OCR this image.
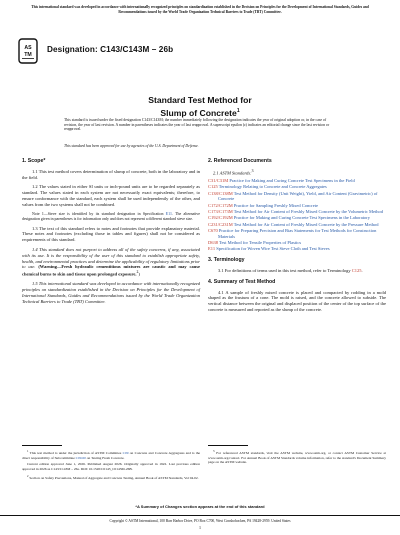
This international standard was developed in accordance with internationally recognized principles on standardization established in the Decision on Principles for the Development of International Standards, Guides and Recommendations issued by the World Trade Organization Technical Barriers to Trade (TBT) Committee.
AS
TM
Designation: C143/C143M – 26b
Standard Test Method for
Slump of Concrete$^1$
This standard is issued under the fixed designation C143/C143M; the number immediately following the designation indicates the year of original adoption or, in the case of revision, the year of last revision. A number in parentheses indicates the year of last reapproval. A superscript epsilon (ε) indicates an editorial change since the last revision or reapproval.
This standard has been approved for use by agencies of the U.S. Department of Defense.
1. Scope*

1.1 This test method covers determination of slump of concrete, both in the laboratory and in the field.

1.2 The values stated in either SI units or inch-pound units are to be regarded separately as standard. The values stated in each system are not necessarily exact equivalents; therefore, to ensure conformance with the standard, each system shall be used independently of the other, and values from the two systems shall not be combined.

Note 1—Sieve size is identified by its standard designation in Specification E11. The alternative designation given in parentheses is for information only and does not represent a different standard sieve size.

1.3 The text of this standard refers to notes and footnotes that provide explanatory material. These notes and footnotes (excluding those in tables and figures) shall not be considered as requirements of this standard.

1.4 This standard does not purport to address all of the safety concerns, if any, associated with its use. It is the responsibility of the user of this standard to establish appropriate safety, health, and environmental practices and determine the applicability of regulatory limitations prior to use. (Warning—Fresh hydraulic cementitious mixtures are caustic and may cause chemical burns to skin and tissue upon prolonged exposure.$^2$)

1.5 This international standard was developed in accordance with internationally recognized principles on standardization established in the Decision on Principles for the Development of International Standards, Guides and Recommendations issued by the World Trade Organization Technical Barriers to Trade (TBT) Committee.

$^1$ This test method is under the jurisdiction of ASTM Committee C09 on Concrete and Concrete Aggregates and is the direct responsibility of Subcommittee C09.60 on Testing Fresh Concrete.

Current edition approved June 1, 2026. Published August 2026. Originally approved in 1922. Last previous edition approved in 2026 as C143/C143M – 26a. DOI: 10.1520/C0143_C0143M-26B.

$^2$ Section on Safety Precautions, Manual of Aggregate and Concrete Testing, Annual Book of ASTM Standards, Vol 04.02.

2. Referenced Documents
2.1 ASTM Standards:$^3$
C31/C31M Practice for Making and Curing Concrete Test Specimens in the Field
C125 Terminology Relating to Concrete and Concrete Aggregates
C138/C138M Test Method for Density (Unit Weight), Yield, and Air Content (Gravimetric) of Concrete
C172/C172M Practice for Sampling Freshly Mixed Concrete
C173/C173M Test Method for Air Content of Freshly Mixed Concrete by the Volumetric Method
C192/C192M Practice for Making and Curing Concrete Test Specimens in the Laboratory
C231/C231M Test Method for Air Content of Freshly Mixed Concrete by the Pressure Method
C670 Practice for Preparing Precision and Bias Statements for Test Methods for Construction Materials
D638 Test Method for Tensile Properties of Plastics
E11 Specification for Woven Wire Test Sieve Cloth and Test Sieves
3. Terminology

3.1 For definitions of terms used in this test method, refer to Terminology C125.

4. Summary of Test Method

4.1 A sample of freshly mixed concrete is placed and compacted by rodding in a mold shaped as the frustum of a cone. The mold is raised, and the concrete allowed to subside. The vertical distance between the original and displaced position of the center of the top surface of the concrete is measured and reported as the slump of the concrete.

$^3$ For referenced ASTM standards, visit the ASTM website, www.astm.org, or contact ASTM Customer Service at www.astm.org/contact. For Annual Book of ASTM Standards volume information, refer to the standard's Document Summary page on the ASTM website.

*A Summary of Changes section appears at the end of this standard
Copyright © ASTM International, 100 Barr Harbor Drive, PO Box C700, West Conshohocken, PA 19428-2959. United States
1
